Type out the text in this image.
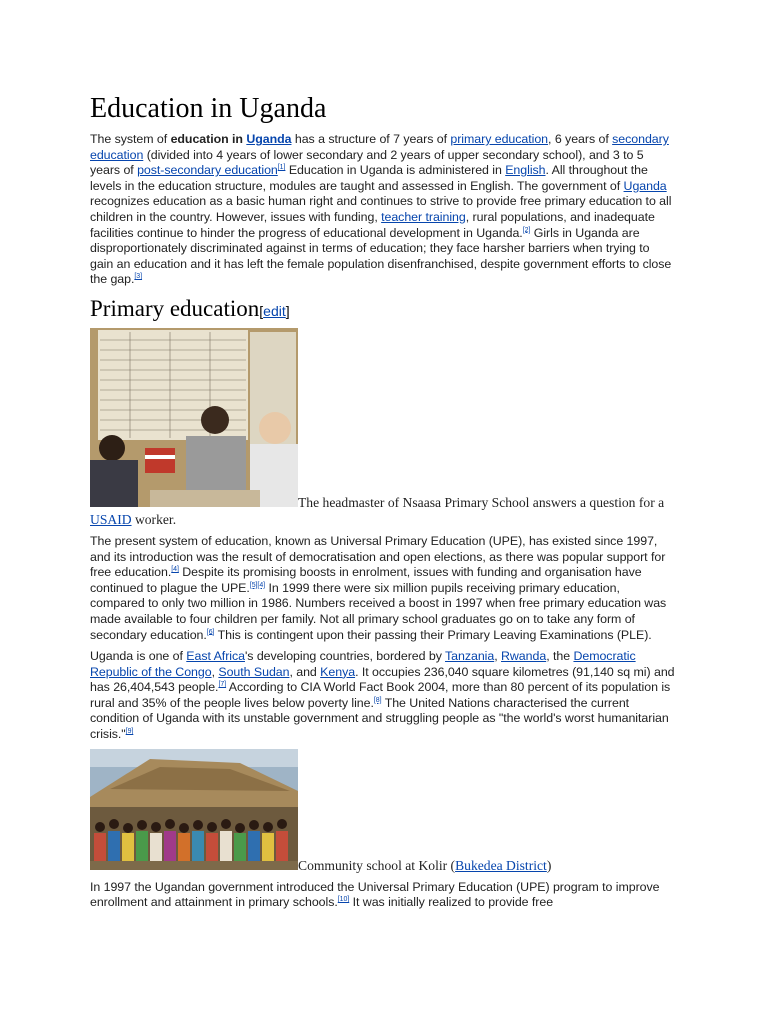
Education in Uganda

The system of education in Uganda has a structure of 7 years of primary education, 6 years of secondary education (divided into 4 years of lower secondary and 2 years of upper secondary school), and 3 to 5 years of post-secondary education[1] Education in Uganda is administered in English. All throughout the levels in the education structure, modules are taught and assessed in English. The government of Uganda recognizes education as a basic human right and continues to strive to provide free primary education to all children in the country. However, issues with funding, teacher training, rural populations, and inadequate facilities continue to hinder the progress of educational development in Uganda.[2] Girls in Uganda are disproportionately discriminated against in terms of education; they face harsher barriers when trying to gain an education and it has left the female population disenfranchised, despite government efforts to close the gap.[3]

Primary education[edit]
The headmaster of Nsaasa Primary School answers a question for a USAID worker.

The present system of education, known as Universal Primary Education (UPE), has existed since 1997, and its introduction was the result of democratisation and open elections, as there was popular support for free education.[4] Despite its promising boosts in enrolment, issues with funding and organisation have continued to plague the UPE.[5][4] In 1999 there were six million pupils receiving primary education, compared to only two million in 1986. Numbers received a boost in 1997 when free primary education was made available to four children per family. Not all primary school graduates go on to take any form of secondary education.[6] This is contingent upon their passing their Primary Leaving Examinations (PLE).

Uganda is one of East Africa's developing countries, bordered by Tanzania, Rwanda, the Democratic Republic of the Congo, South Sudan, and Kenya. It occupies 236,040 square kilometres (91,140 sq mi) and has 26,404,543 people.[7] According to CIA World Fact Book 2004, more than 80 percent of its population is rural and 35% of the people lives below poverty line.[8] The United Nations characterised the current condition of Uganda with its unstable government and struggling people as "the world's worst humanitarian crisis."[9]

Community school at Kolir (Bukedea District)

In 1997 the Ugandan government introduced the Universal Primary Education (UPE) program to improve enrollment and attainment in primary schools.[10] It was initially realized to provide free
